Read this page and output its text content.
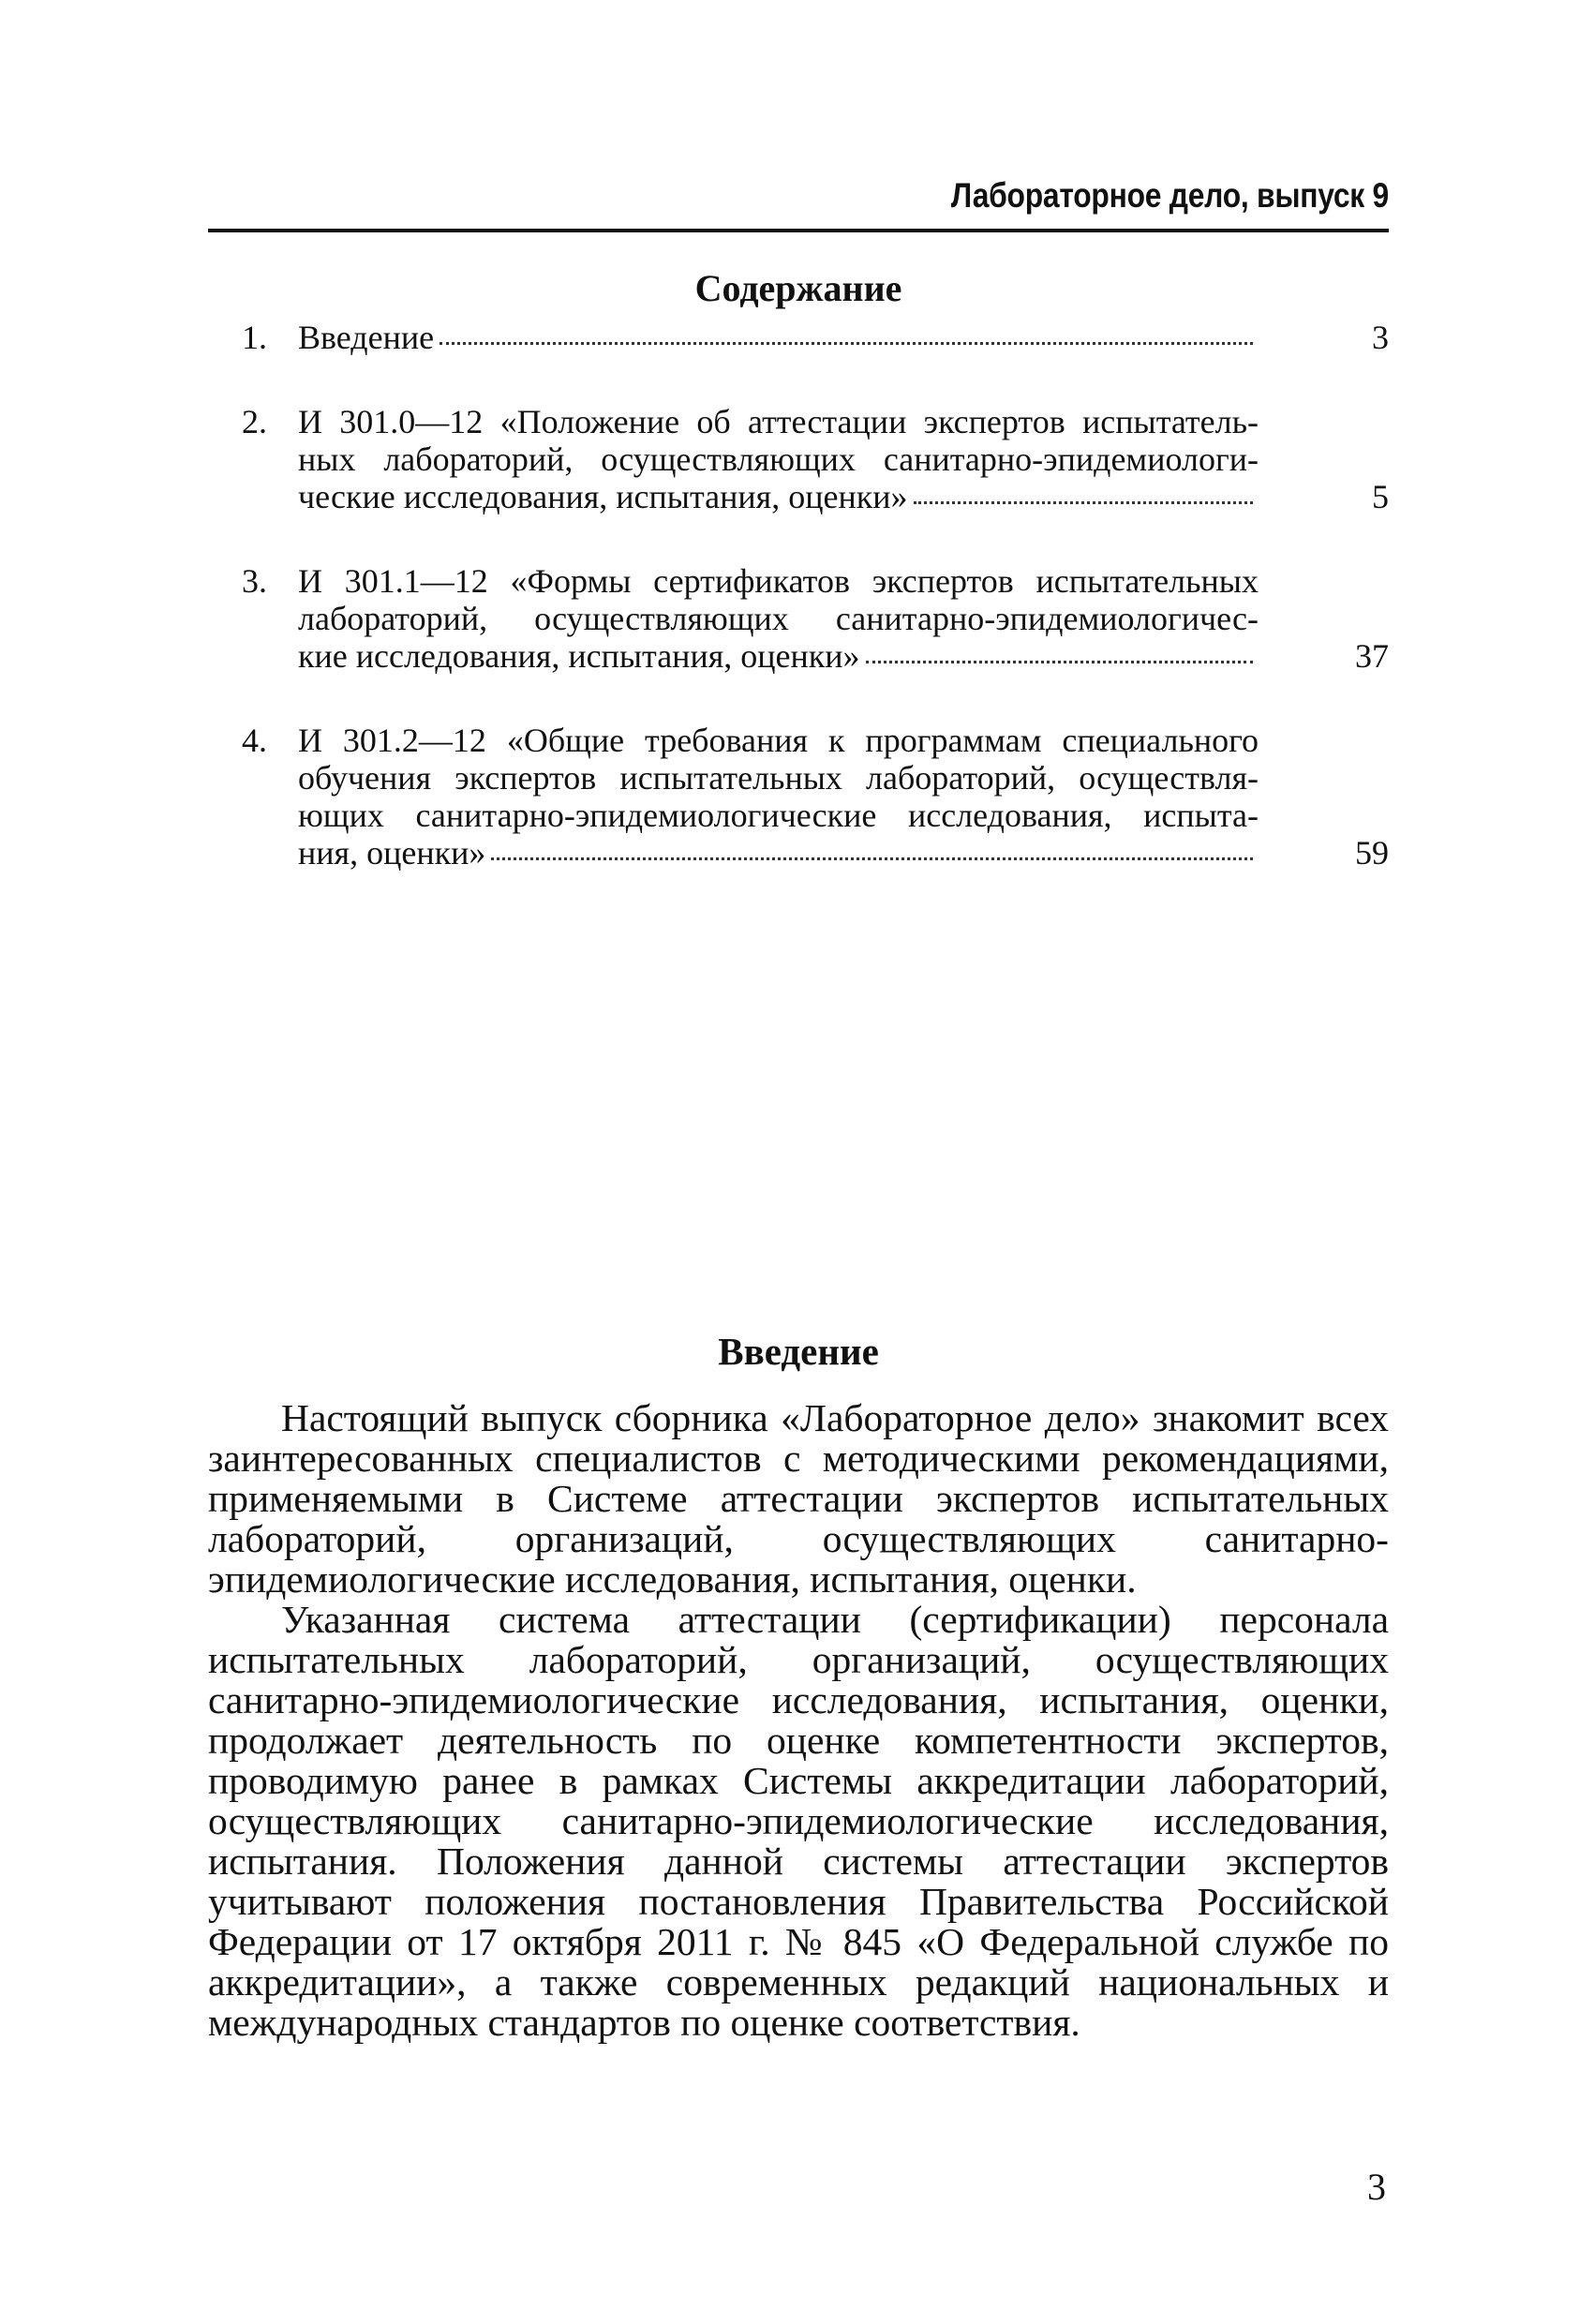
Лабораторное дело, выпуск 9
Содержание
1. Введение	3
2. И 301.0—12 «Положение об аттестации экспертов испытатель-
ных лабораторий, осуществляющих санитарно-эпидемиологи-
ческие исследования, испытания, оценки»	5
3. И 301.1—12 «Формы сертификатов экспертов испытательных
лабораторий, осуществляющих санитарно-эпидемиологичес-
кие исследования, испытания, оценки»	37
4. И 301.2—12 «Общие требования к программам специального
обучения экспертов испытательных лабораторий, осуществля-
ющих санитарно-эпидемиологические исследования, испыта-
ния, оценки»	59
Введение

Настоящий выпуск сборника «Лабораторное дело» знакомит всех заинтересованных специалистов с методическими рекомендациями, применяемыми в Системе аттестации экспертов испытательных лабораторий, организаций, осуществляющих санитарно-эпидемиологические исследования, испытания, оценки.

Указанная система аттестации (сертификации) персонала испытательных лабораторий, организаций, осуществляющих санитарно-эпидемиологические исследования, испытания, оценки, продолжает деятельность по оценке компетентности экспертов, проводимую ранее в рамках Системы аккредитации лабораторий, осуществляющих санитарно-эпидемиологические исследования, испытания. Положения данной системы аттестации экспертов учитывают положения постановления Правительства Российской Федерации от 17 октября 2011 г. № 845 «О Федеральной службе по аккредитации», а также современных редакций национальных и международных стандартов по оценке соответствия.

3
